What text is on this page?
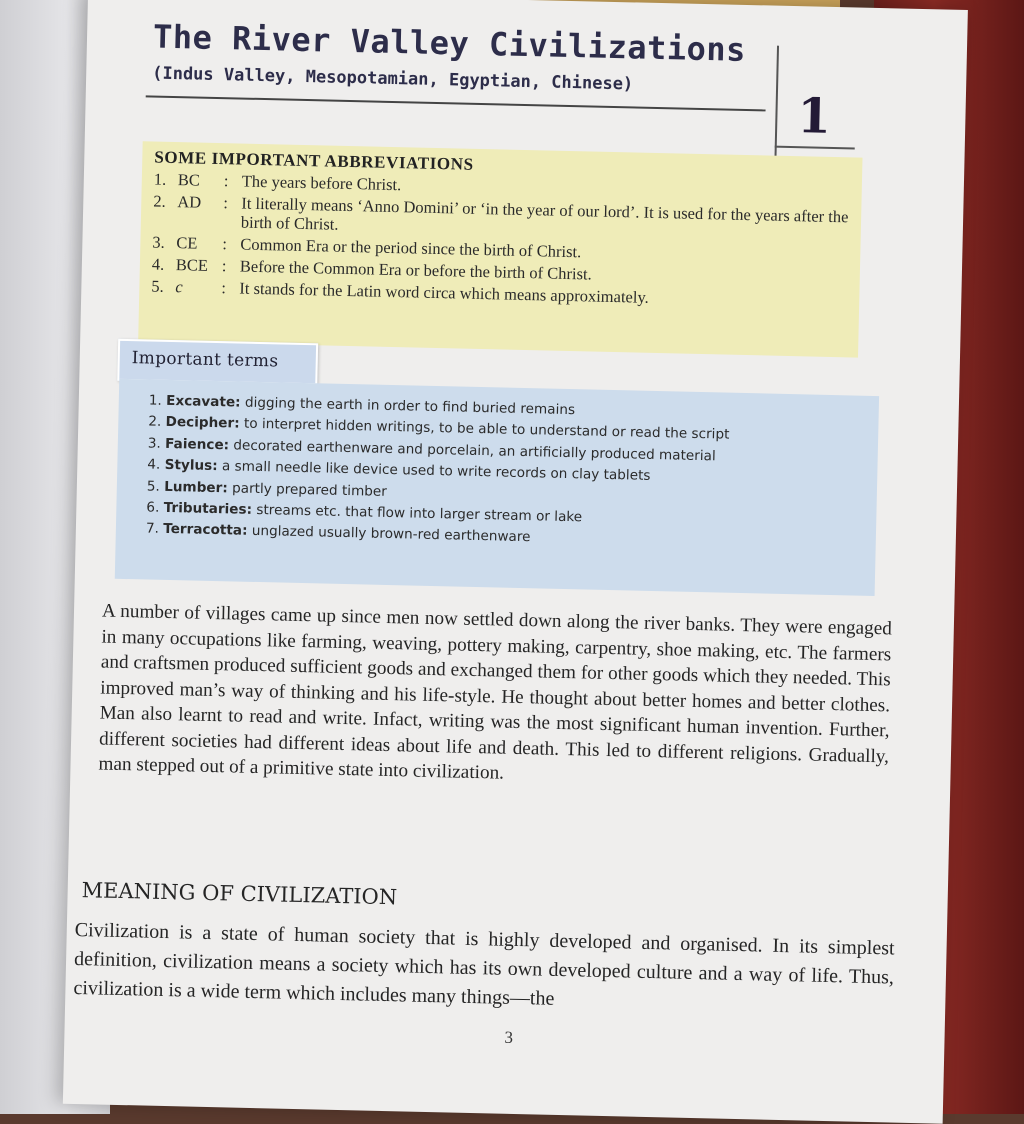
The River Valley Civilizations
(Indus Valley, Mesopotamian, Egyptian, Chinese)
1
SOME IMPORTANT ABBREVIATIONS
1. BC : The years before Christ.
2. AD : It literally means ‘Anno Domini’ or ‘in the year of our lord’. It is used for the years after the birth of Christ.
3. CE : Common Era or the period since the birth of Christ.
4. BCE : Before the Common Era or before the birth of Christ.
5. c : It stands for the Latin word circa which means approximately.
Important terms
1. Excavate: digging the earth in order to find buried remains
2. Decipher: to interpret hidden writings, to be able to understand or read the script
3. Faience: decorated earthenware and porcelain, an artificially produced material
4. Stylus: a small needle like device used to write records on clay tablets
5. Lumber: partly prepared timber
6. Tributaries: streams etc. that flow into larger stream or lake
7. Terracotta: unglazed usually brown-red earthenware

A number of villages came up since men now settled down along the river banks. They were engaged in many occupations like farming, weaving, pottery making, carpentry, shoe making, etc. The farmers and craftsmen produced sufficient goods and exchanged them for other goods which they needed. This improved man’s way of thinking and his life-style. He thought about better homes and better clothes. Man also learnt to read and write. Infact, writing was the most significant human invention. Further, different societies had different ideas about life and death. This led to different religions. Gradually, man stepped out of a primitive state into civilization.

MEANING OF CIVILIZATION

Civilization is a state of human society that is highly developed and organised. In its simplest definition, civilization means a society which has its own developed culture and a way of life. Thus, civilization is a wide term which includes many things—the

3
